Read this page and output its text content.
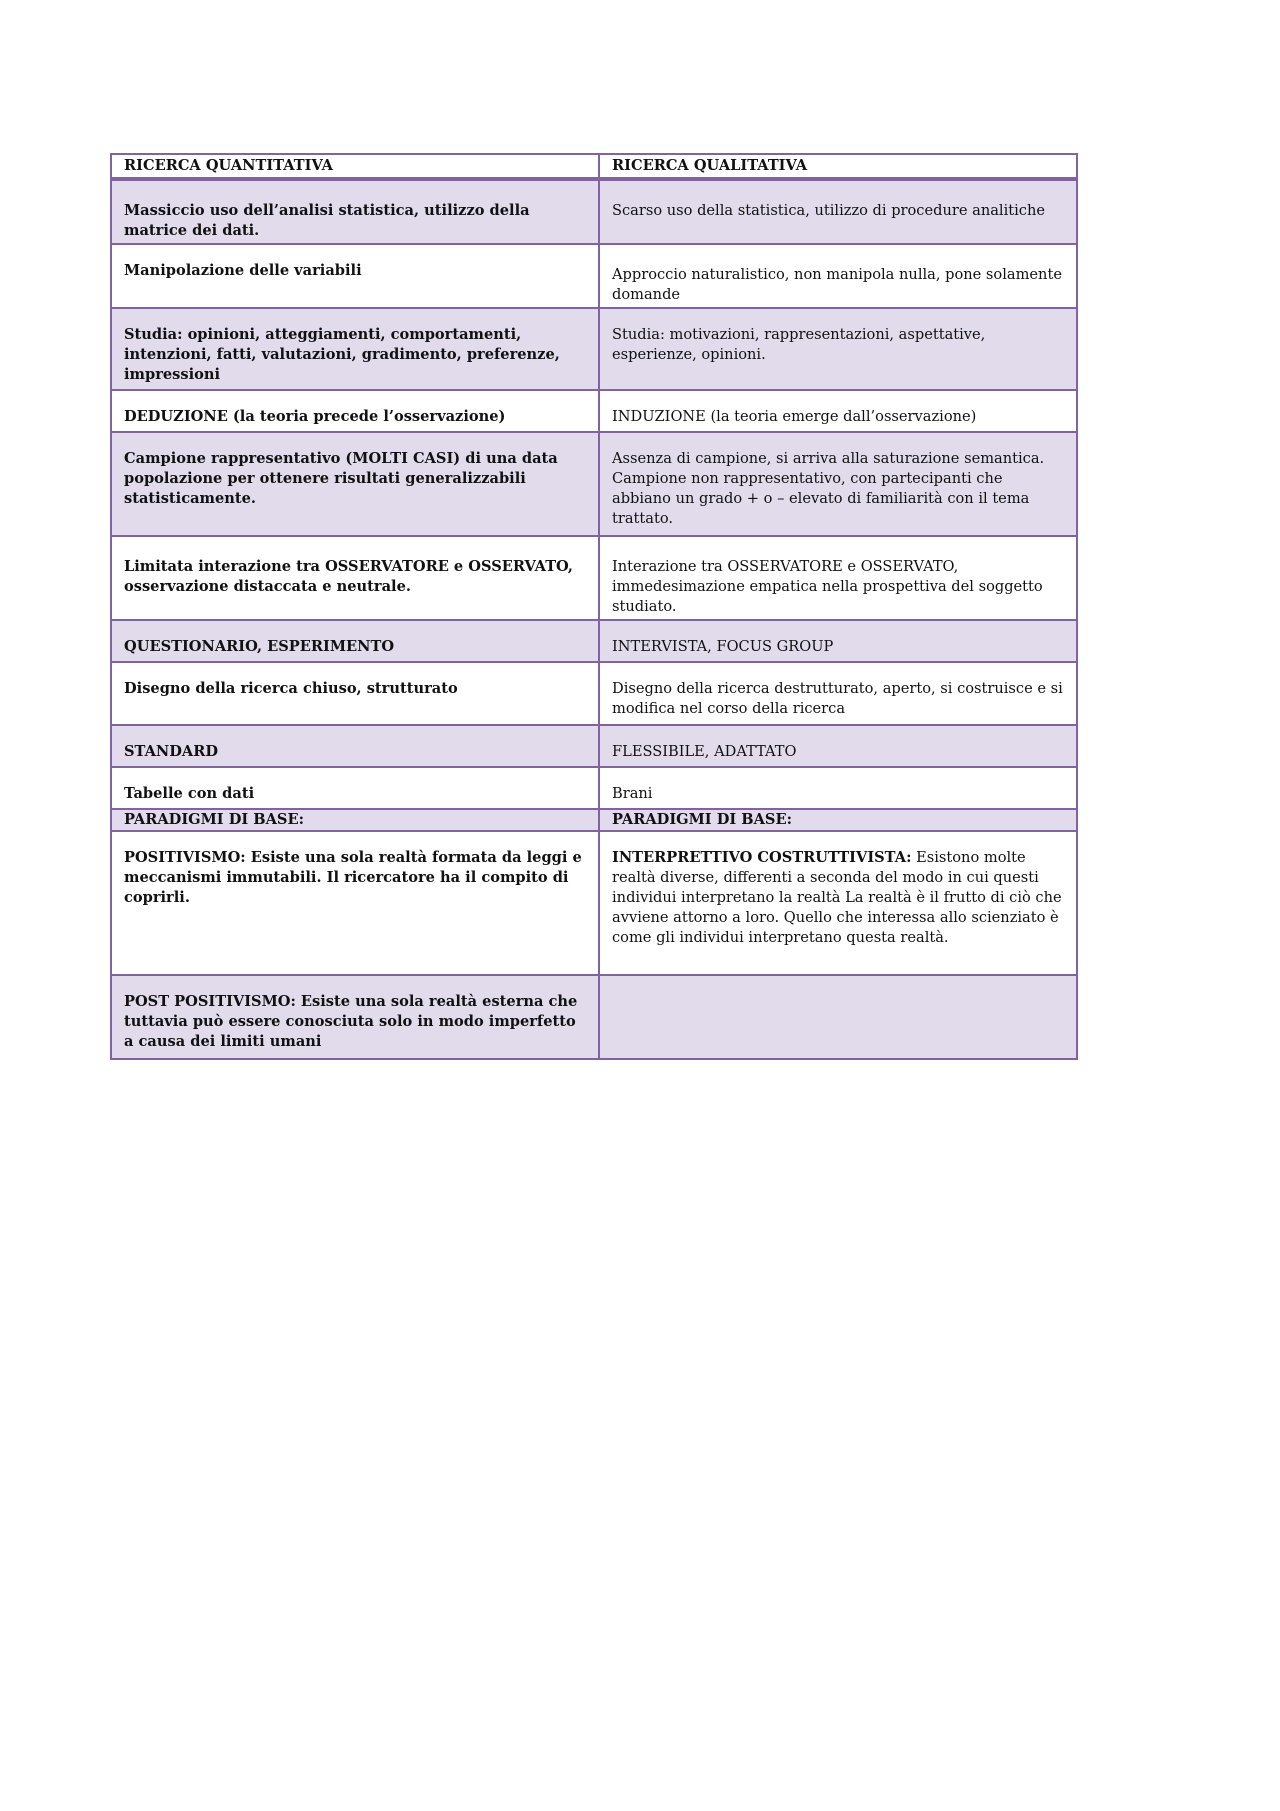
RICERCA QUANTITATIVA	RICERCA QUALITATIVA
Massiccio uso dell’analisi statistica, utilizzo della matrice dei dati.	Scarso uso della statistica, utilizzo di procedure analitiche
Manipolazione delle variabili	Approccio naturalistico, non manipola nulla, pone solamente domande
Studia: opinioni, atteggiamenti, comportamenti, intenzioni, fatti, valutazioni, gradimento, preferenze, impressioni	Studia: motivazioni, rappresentazioni, aspettative, esperienze, opinioni.
DEDUZIONE (la teoria precede l’osservazione)	INDUZIONE (la teoria emerge dall’osservazione)
Campione rappresentativo (MOLTI CASI) di una data popolazione per ottenere risultati generalizzabili statisticamente.	Assenza di campione, si arriva alla saturazione semantica. Campione non rappresentativo, con partecipanti che abbiano un grado + o – elevato di familiarità con il tema trattato.
Limitata interazione tra OSSERVATORE e OSSERVATO, osservazione distaccata e neutrale.	Interazione tra OSSERVATORE e OSSERVATO, immedesimazione empatica nella prospettiva del soggetto studiato.
QUESTIONARIO, ESPERIMENTO	INTERVISTA, FOCUS GROUP
Disegno della ricerca chiuso, strutturato	Disegno della ricerca destrutturato, aperto, si costruisce e si modifica nel corso della ricerca
STANDARD	FLESSIBILE, ADATTATO
Tabelle con dati	Brani
PARADIGMI DI BASE:	PARADIGMI DI BASE:
POSITIVISMO: Esiste una sola realtà formata da leggi e meccanismi immutabili. Il ricercatore ha il compito di coprirli.	INTERPRETTIVO COSTRUTTIVISTA: Esistono molte realtà diverse, differenti a seconda del modo in cui questi individui interpretano la realtà La realtà è il frutto di ciò che avviene attorno a loro. Quello che interessa allo scienziato è come gli individui interpretano questa realtà.
POST POSITIVISMO: Esiste una sola realtà esterna che tuttavia può essere conosciuta solo in modo imperfetto a causa dei limiti umani	
